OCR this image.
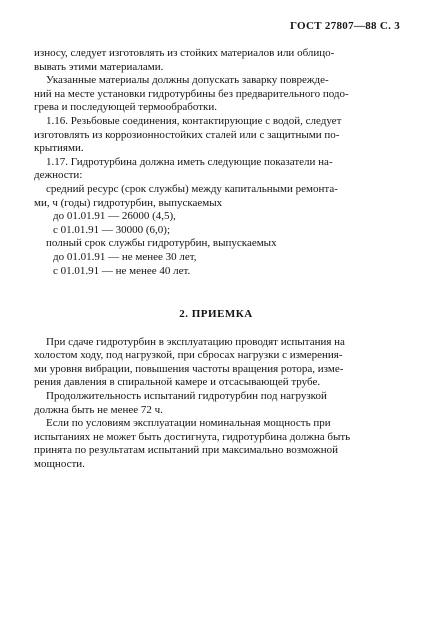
ГОСТ 27807—88 С. 3

износу, следует изготовлять из стойких материалов или облицо-

вывать этими материалами.

Указанные материалы должны допускать заварку поврежде-

ний на месте установки гидротурбины без предварительного подо-

грева и последующей термообработки.

1.16. Резьбовые соединения, контактирующие с водой, следует

изготовлять из коррозионностойких сталей или с защитными по-

крытиями.

1.17. Гидротурбина должна иметь следующие показатели на-

дежности:

средний ресурс (срок службы) между капитальными ремонта-

ми, ч (годы) гидротурбин, выпускаемых

до 01.01.91 — 26000 (4,5),

с 01.01.91 — 30000 (6,0);

полный срок службы гидротурбин, выпускаемых

до 01.01.91 — не менее 30 лет,

с 01.01.91 — не менее 40 лет.

2. ПРИЕМКА

При сдаче гидротурбин в эксплуатацию проводят испытания на

холостом ходу, под нагрузкой, при сбросах нагрузки с измерения-

ми уровня вибрации, повышения частоты вращения ротора, изме-

рения давления в спиральной камере и отсасывающей трубе.

Продолжительность испытаний гидротурбин под нагрузкой

должна быть не менее 72 ч.

Если по условиям эксплуатации номинальная мощность при

испытаниях не может быть достигнута, гидротурбина должна быть

принята по результатам испытаний при максимально возможной

мощности.
